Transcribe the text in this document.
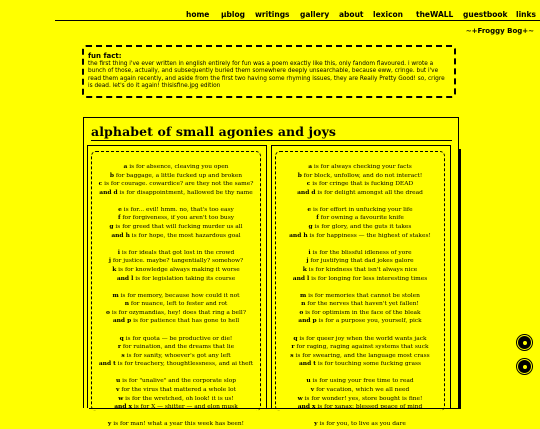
home µblog writings gallery about lexicon theWALL guestbook links
~+Froggy Bog+~

fun fact:

the first thing i've ever written in english entirely for fun was a poem exactly like this, only fandom flavoured. i wrote a bunch of those, actually, and subsequently buried them somewhere deeply unsearchable, because eww, cringe. but i've read them again recently, and aside from the first two having some rhyming issues, they are Really Pretty Good! so, crigre is dead. let's do it again! thisisfine.jpg edition

alphabet of small agonies and joys
a is for absence, cleaving you open
b for baggage, a little fucked up and broken
c is for courage. cowardice? are they not the same?
and d is for disappointment, hallowed be thy name
e is for... evil! hmm. no, that's too easy
f for forgiveness, if you aren't too busy
g is for greed that will fucking murder us all
and h is for hope, the most hazardous goal
i is for ideals that got lost in the crowd
j for justice. maybe? tangentially? somehow?
k is for knowledge always making it worse
and l is for legislation taking its course
m is for memory, because how could it not
n for nuance, left to fester and rot
o is for ozymandias, hey! does that ring a bell?
and p is for patience that has gone to hell
q is for quota — be productive or die!
r for ruination, and the dreams that lie
s is for sanity, whoever's got any left
and t is for treachery, thoughtlessness, and ai theft
u is for "unalive" and the corporate slop
v for the virus that mattered a whole lot
w is for the wretched, oh look! it is us!
and x is for X — shitter — and elon musk
y is for man! what a year this week has been!
a is for always checking your facts
b for block, unfollow, and do not interact!
c is for cringe that is fucking DEAD
and d is for delight amongst all the dread
e is for effort in unfucking your life
f for owning a favourite knife
g is for glory, and the guts it takes
and h is for happiness — the highest of stakes!
i is for the blissful idleness of yore
j for justifying that dad jokes galore
k is for kindness that isn't always nice
and l is for longing for less interesting times
m is for memories that cannot be stolen
n for the nerves that haven't yet fallen!
o is for optimism in the face of the bleak
and p is for a purpose you, yourself, pick
q is for queer joy when the world wants jack
r for raging, raging against systems that suck
s is for swearing, and the language most crass
and t is for touching some fucking grass
u is for using your free time to read
v for vacation, which we all need
w is for wonder! yes, store bought is fine!
and x is for xanax: blessed peace of mind
y is for you, to live as you dare
